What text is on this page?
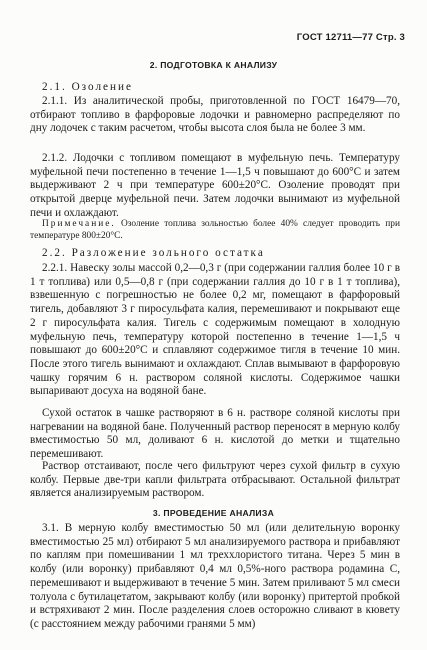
ГОСТ 12711—77 Стр. 3
2. ПОДГОТОВКА К АНАЛИЗУ
2.1. Озоление
2.1.1. Из аналитической пробы, приготовленной по ГОСТ 16479—70, отбирают топливо в фарфоровые лодочки и равномерно распределяют по дну лодочек с таким расчетом, чтобы высота слоя была не более 3 мм.
2.1.2. Лодочки с топливом помещают в муфельную печь. Температуру муфельной печи постепенно в течение 1—1,5 ч повышают до 600°С и затем выдерживают 2 ч при температуре 600±20°С. Озоление проводят при открытой дверце муфельной печи. Затем лодочки вынимают из муфельной печи и охлаждают.
Примечание. Озоление топлива зольностью более 40% следует проводить при температуре 800±20°С.
2.2. Разложение зольного остатка
2.2.1. Навеску золы массой 0,2—0,3 г (при содержании галлия более 10 г в 1 т топлива) или 0,5—0,8 г (при содержании галлия до 10 г в 1 т топлива), взвешенную с погрешностью не более 0,2 мг, помещают в фарфоровый тигель, добавляют 3 г пиросульфата калия, перемешивают и покрывают еще 2 г пиросульфата калия. Тигель с содержимым помещают в холодную муфельную печь, температуру которой постепенно в течение 1—1,5 ч повышают до 600±20°С и сплавляют содержимое тигля в течение 10 мин. После этого тигель вынимают и охлаждают. Сплав вымывают в фарфоровую чашку горячим 6 н. раствором соляной кислоты. Содержимое чашки выпаривают досуха на водяной бане.
Сухой остаток в чашке растворяют в 6 н. растворе соляной кислоты при нагревании на водяной бане. Полученный раствор переносят в мерную колбу вместимостью 50 мл, доливают 6 н. кислотой до метки и тщательно перемешивают.
Раствор отстаивают, после чего фильтруют через сухой фильтр в сухую колбу. Первые две-три капли фильтрата отбрасывают. Остальной фильтрат является анализируемым раствором.
3. ПРОВЕДЕНИЕ АНАЛИЗА
3.1. В мерную колбу вместимостью 50 мл (или делительную воронку вместимостью 25 мл) отбирают 5 мл анализируемого раствора и прибавляют по каплям при помешивании 1 мл треххлористого титана. Через 5 мин в колбу (или воронку) прибавляют 0,4 мл 0,5%-ного раствора родамина С, перемешивают и выдерживают в течение 5 мин. Затем приливают 5 мл смеси толуола с бутилацетатом, закрывают колбу (или воронку) притертой пробкой и встряхивают 2 мин. После разделения слоев осторожно сливают в кювету (с расстоянием между рабочими гранями 5 мм)
